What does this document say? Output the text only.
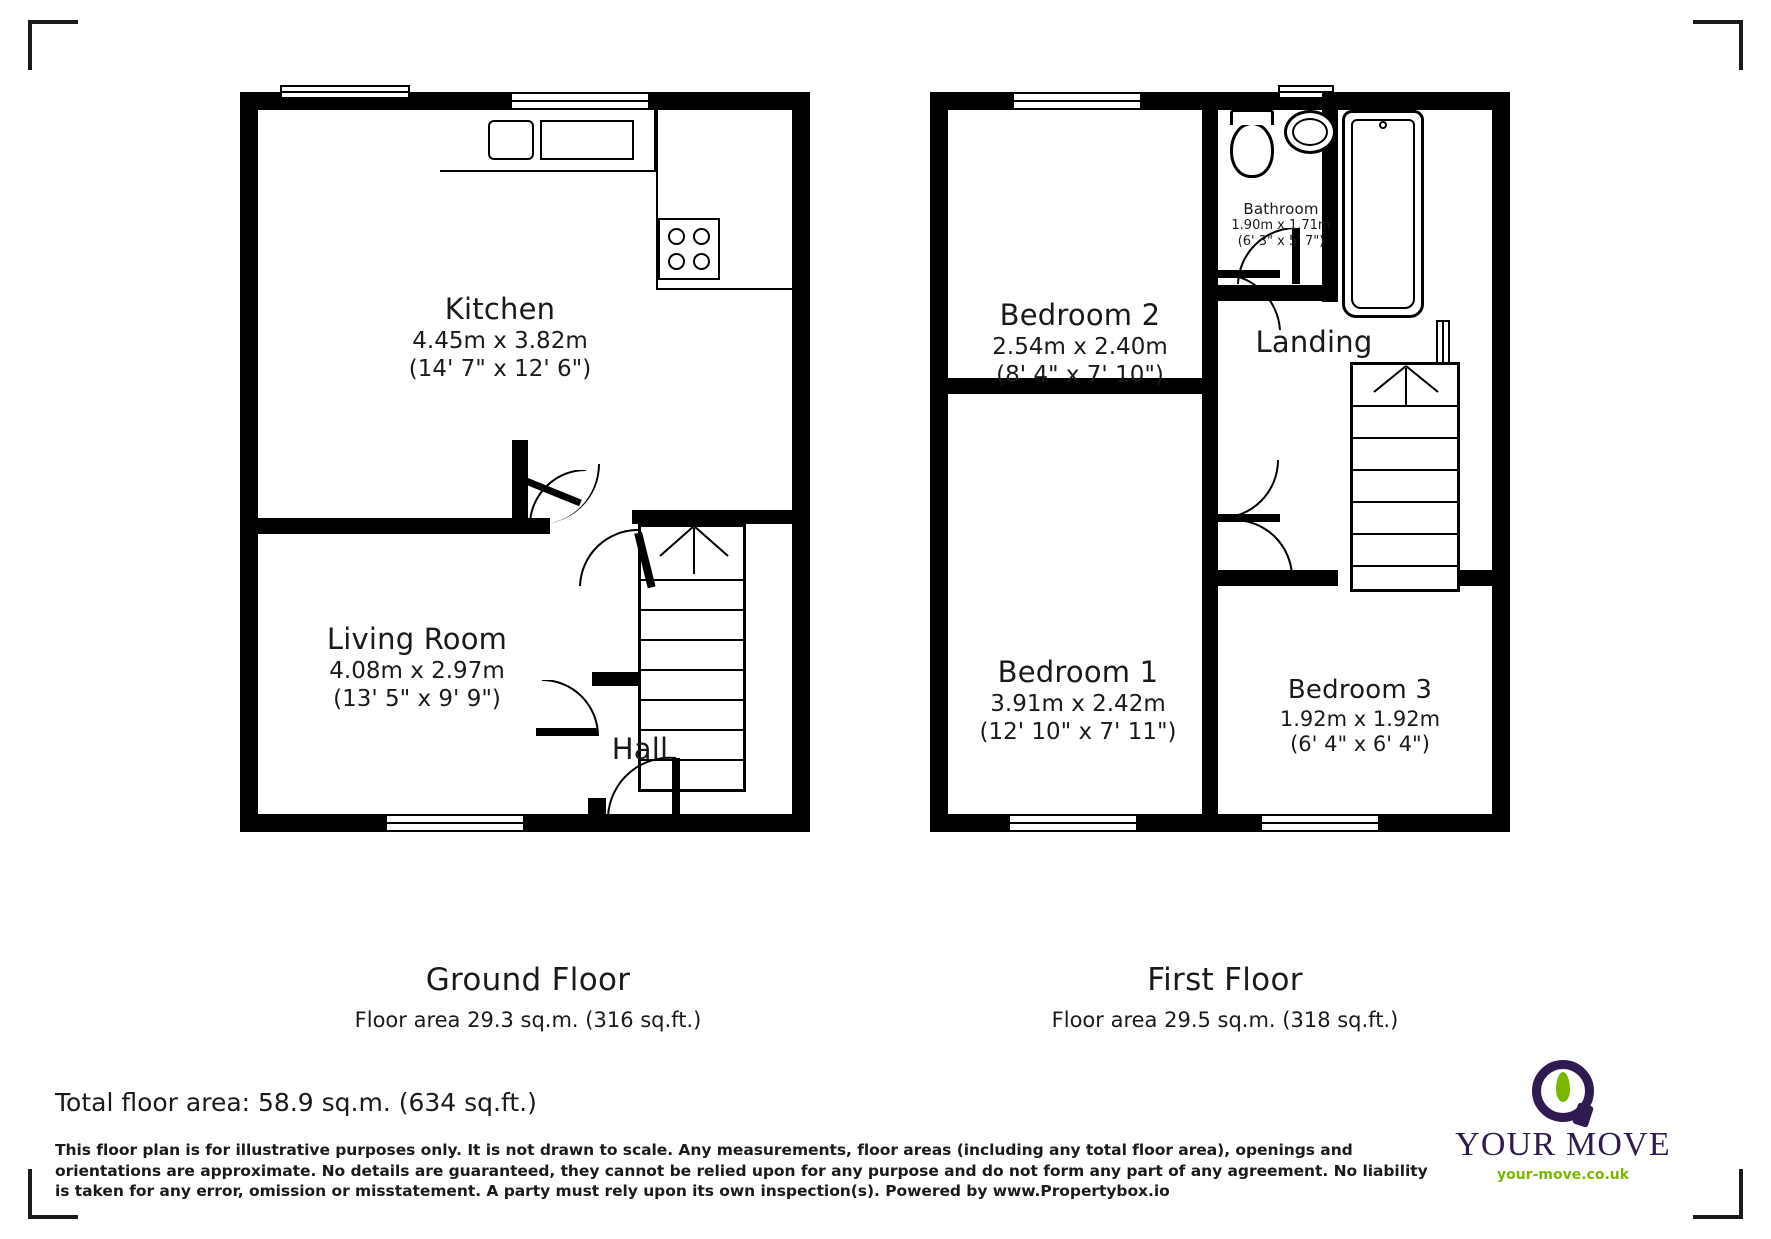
Kitchen
4.45m x 3.82m
(14' 7" x 12' 6")
Living Room
4.08m x 2.97m
(13' 5" x 9' 9")
Hall
Bedroom 2
2.54m x 2.40m
(8' 4" x 7' 10")
Bathroom
1.90m x 1.71m
(6' 3" x 5' 7")
Landing
Bedroom 1
3.91m x 2.42m
(12' 10" x 7' 11")
Bedroom 3
1.92m x 1.92m
(6' 4" x 6' 4")
Ground Floor
Floor area 29.3 sq.m. (316 sq.ft.)
First Floor
Floor area 29.5 sq.m. (318 sq.ft.)
Total floor area: 58.9 sq.m. (634 sq.ft.)
This floor plan is for illustrative purposes only. It is not drawn to scale. Any measurements, floor areas (including any total floor area), openings and orientations are approximate. No details are guaranteed, they cannot be relied upon for any purpose and do not form any part of any agreement. No liability is taken for any error, omission or misstatement. A party must rely upon its own inspection(s). Powered by www.Propertybox.io
YOUR MOVE
your-move.co.uk
